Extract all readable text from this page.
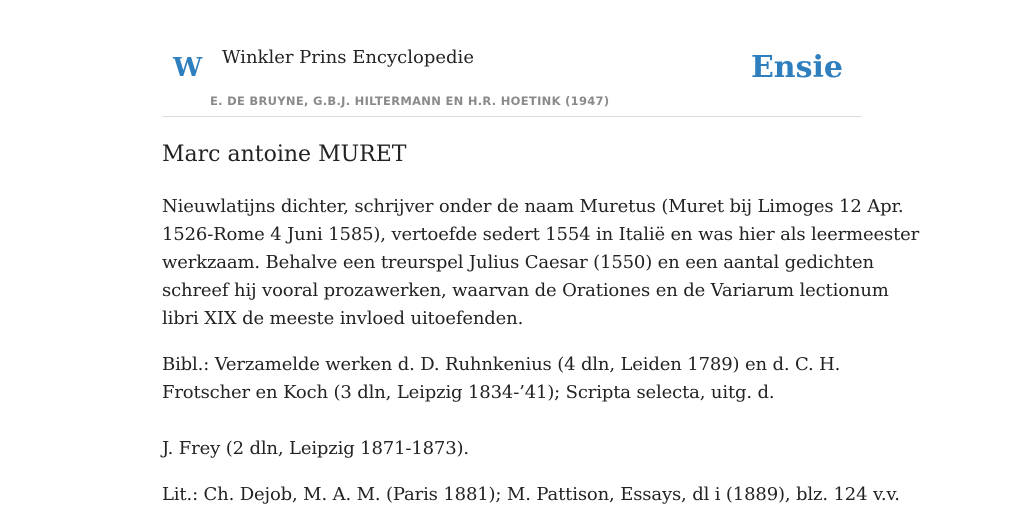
W Winkler Prins Encyclopedie
E. DE BRUYNE, G.B.J. HILTERMANN EN H.R. HOETINK (1947)
Ensie
Marc antoine MURET

Nieuwlatijns dichter, schrijver onder de naam Muretus (Muret bij Limoges 12 Apr.
1526-Rome 4 Juni 1585), vertoefde sedert 1554 in Italië en was hier als leermeester
werkzaam. Behalve een treurspel Julius Caesar (1550) en een aantal gedichten
schreef hij vooral prozawerken, waarvan de Orationes en de Variarum lectionum
libri XIX de meeste invloed uitoefenden.

Bibl.: Verzamelde werken d. D. Ruhnkenius (4 dln, Leiden 1789) en d. C. H.
Frotscher en Koch (3 dln, Leipzig 1834-’41); Scripta selecta, uitg. d.
J. Frey (2 dln, Leipzig 1871-1873).

Lit.: Ch. Dejob, M. A. M. (Paris 1881); M. Pattison, Essays, dl i (1889), blz. 124 v.v.
